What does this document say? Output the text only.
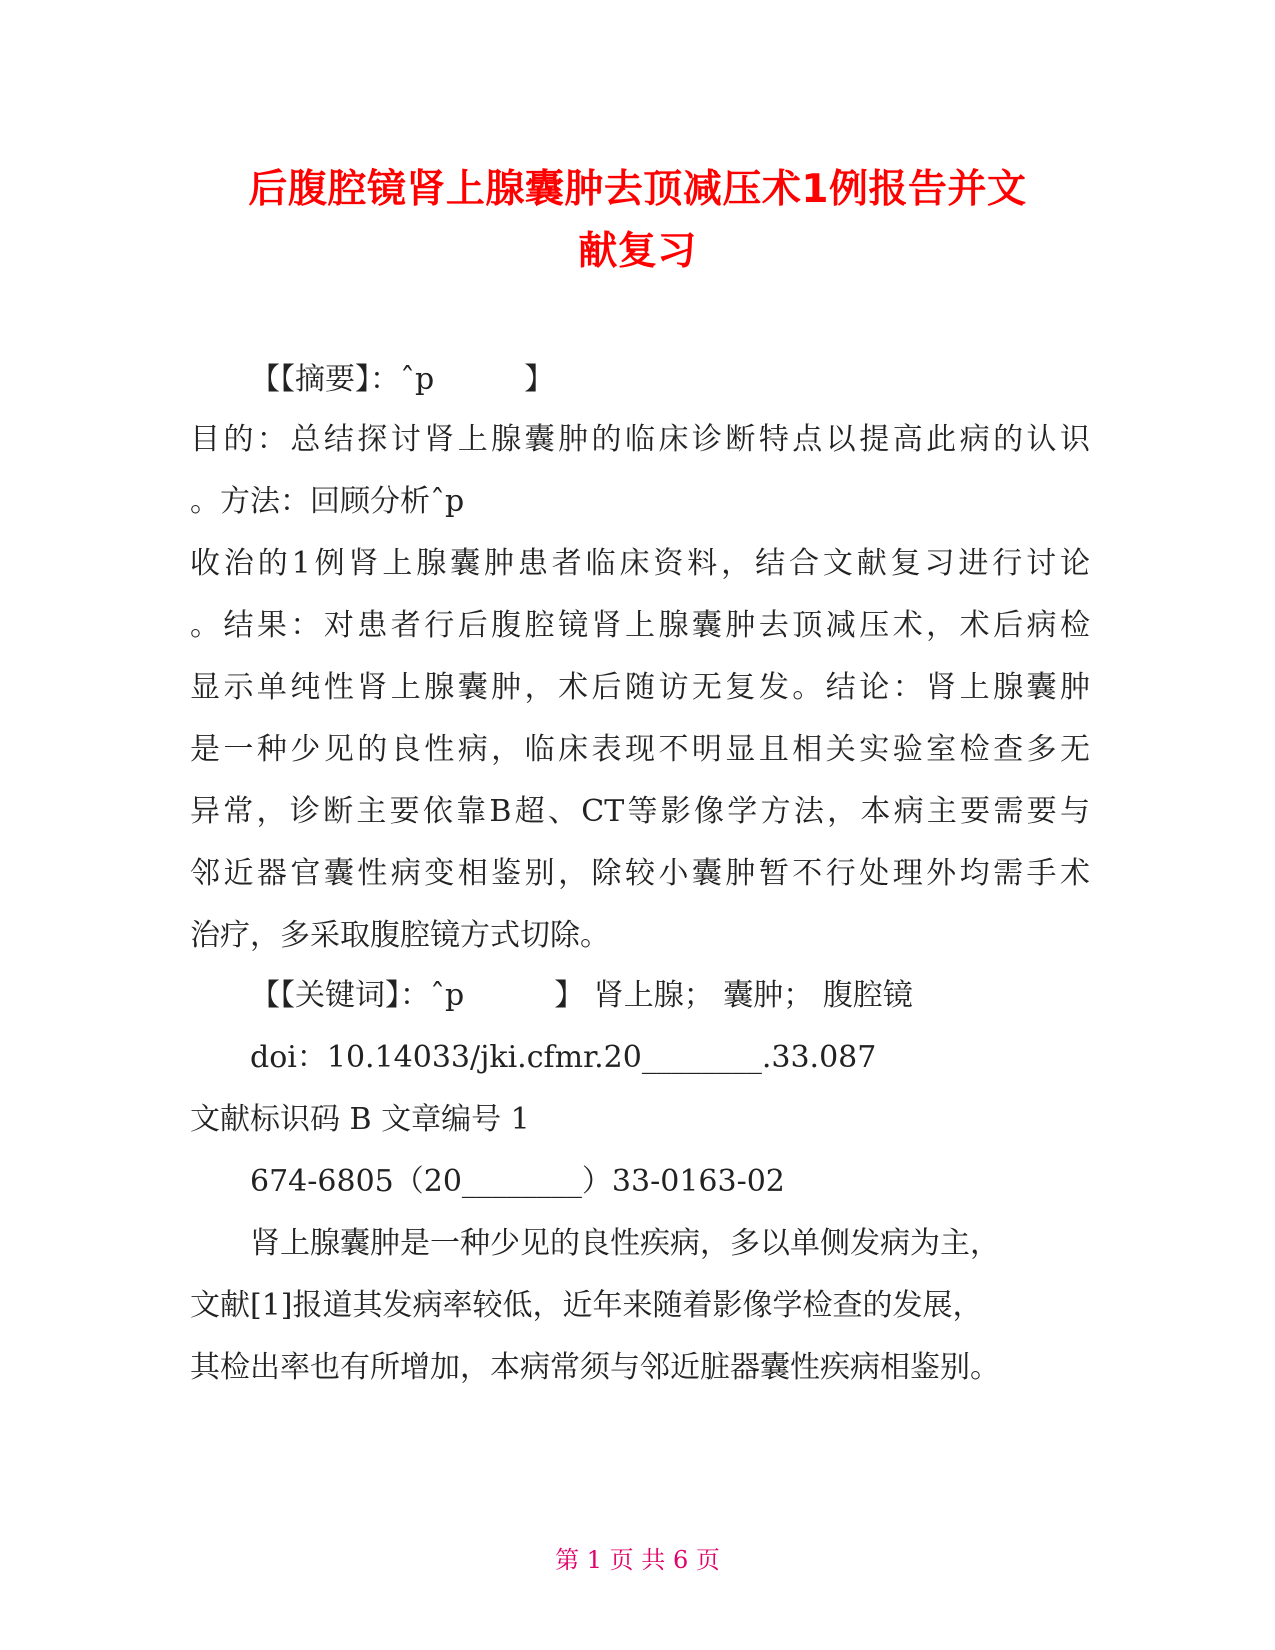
后腹腔镜肾上腺囊肿去顶减压术1例报告并文
献复习
【【摘要】：ˆp　　　】
目的：总结探讨肾上腺囊肿的临床诊断特点以提高此病的认识
。方法：回顾分析ˆp
收治的1例肾上腺囊肿患者临床资料，结合文献复习进行讨论
。结果：对患者行后腹腔镜肾上腺囊肿去顶减压术，术后病检
显示单纯性肾上腺囊肿，术后随访无复发。结论：肾上腺囊肿
是一种少见的良性病，临床表现不明显且相关实验室检查多无
异常，诊断主要依靠B超、CT等影像学方法，本病主要需要与
邻近器官囊性病变相鉴别，除较小囊肿暂不行处理外均需手术
治疗，多采取腹腔镜方式切除。
【【关键词】：ˆp　　　】 肾上腺； 囊肿； 腹腔镜
doi：10.14033/jki.cfmr.20________.33.087
文献标识码 B 文章编号 1
674-6805（20________）33-0163-02
肾上腺囊肿是一种少见的良性疾病，多以单侧发病为主，
文献[1]报道其发病率较低，近年来随着影像学检查的发展，
其检出率也有所增加，本病常须与邻近脏器囊性疾病相鉴别。
第 1 页 共 6 页
